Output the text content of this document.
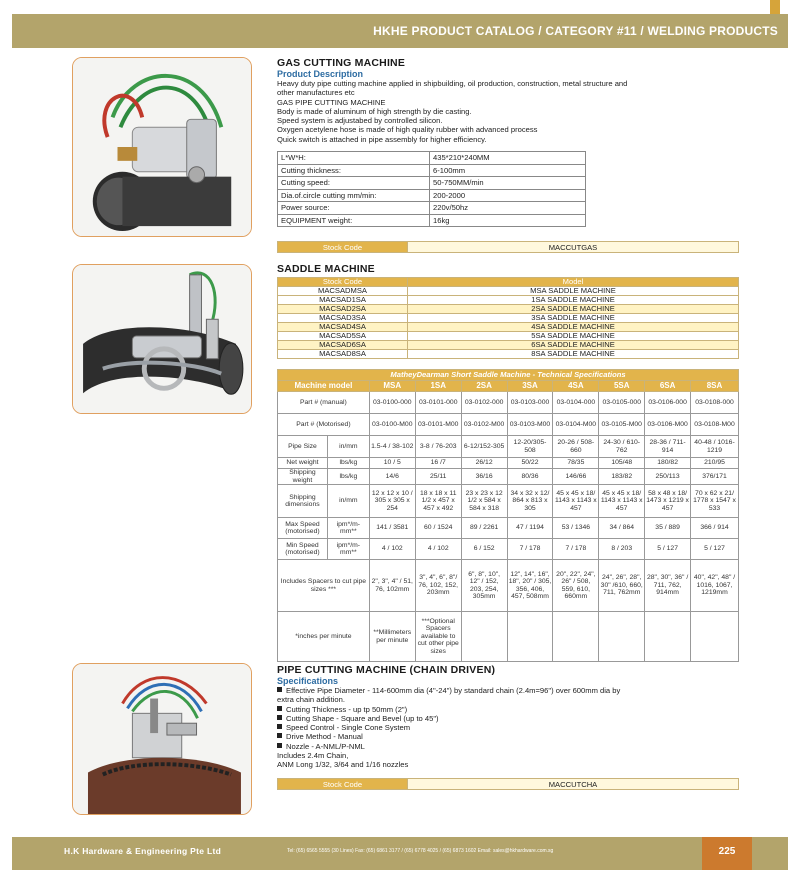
HKHE PRODUCT CATALOG / CATEGORY #11 / WELDING PRODUCTS
GAS CUTTING MACHINE
Product Description
Heavy duty pipe cutting machine applied in shipbuilding, oil production, construction, metal structure and
other manufactures etc
GAS PIPE CUTTING MACHINE
Body is made of aluminum of high strength by die casting.
Speed system is adjustabed by controlled silicon.
Oxygen acetylene hose is made of high quality rubber with advanced process
Quick switch is attached in pipe assembly for higher efficiency.
L*W*H:	435*210*240MM
Cutting thickness:	6-100mm
Cutting speed:	50-750MM/min
Dia.of.circle cutting mm/min:	200-2000
Power source:	220v/50hz
EQUIPMENT weight:	16kg
Stock Code	MACCUTGAS
SADDLE MACHINE
Stock Code	Model
MACSADMSA	MSA SADDLE MACHINE
MACSAD1SA	1SA SADDLE MACHINE
MACSAD2SA	2SA SADDLE MACHINE
MACSAD3SA	3SA SADDLE MACHINE
MACSAD4SA	4SA SADDLE MACHINE
MACSAD5SA	5SA SADDLE MACHINE
MACSAD6SA	6SA SADDLE MACHINE
MACSAD8SA	8SA SADDLE MACHINE
MatheyDearman Short Saddle Machine - Technical Specifications									
Machine model		MSA	1SA	2SA	3SA	4SA	5SA	6SA	8SA
Part # (manual)		03-0100-000	03-0101-000	03-0102-000	03-0103-000	03-0104-000	03-0105-000	03-0106-000	03-0108-000
Part # (Motorised)		03-0100-M00	03-0101-M00	03-0102-M00	03-0103-M00	03-0104-M00	03-0105-M00	03-0106-M00	03-0108-M00
Pipe Size	in/mm	1.5-4 / 38-102	3-8 / 76-203	6-12/152-305	12-20/305-508	20-26 / 508-660	24-30 / 610-762	28-36 / 711-914	40-48 / 1016-1219
Net weight	lbs/kg	10 / 5	16 /7	26/12	50/22	78/35	105/48	180/82	210/95
Shipping weight	lbs/kg	14/6	25/11	36/16	80/36	146/66	183/82	250/113	376/171
Shipping dimensions	in/mm	12 x 12 x 10 / 305 x 305 x 254	18 x 18 x 11 1/2 x 457 x 457 x 492	23 x 23 x 12 1/2 x 584 x 584 x 318	34 x 32 x 12/ 864 x 813 x 305	45 x 45 x 18/ 1143 x 1143 x 457	45 x 45 x 18/ 1143 x 1143 x 457	58 x 48 x 18/ 1473 x 1219 x 457	70 x 62 x 21/ 1778 x 1547 x 533
Max Speed (motorised)	ipm*/m-mm**	141 / 3581	60 / 1524	89 / 2261	47 / 1194	53 / 1346	34 / 864	35 / 889	366 / 914
Min Speed (motorised)	ipm*/m-mm**	4 / 102	4 / 102	6 / 152	7 / 178	7 / 178	8 / 203	5 / 127	5 / 127
Includes Spacers to cut pipe sizes ***		2", 3", 4" / 51, 76, 102mm	3", 4", 6", 8"/ 76, 102, 152, 203mm	6", 8", 10", 12" / 152, 203, 254, 305mm	12", 14", 16", 18", 20" / 305, 356, 406, 457, 508mm	20", 22", 24", 26" / 508, 559, 610, 660mm	24", 26", 28", 30" /610, 660, 711, 762mm	28", 30", 36" / 711, 762, 914mm	40", 42", 48" / 1016, 1067, 1219mm
*inches per minute		**Millimeters per minute	***Optional Spacers available to cut other pipe sizes						
PIPE CUTTING MACHINE (CHAIN DRIVEN)
Specifications
Effective Pipe Diameter - 114-600mm dia (4"-24") by standard chain (2.4m=96") over 600mm dia by
extra chain addition.
Cutting Thickness - up tp 50mm (2")
Cutting Shape - Square and Bevel (up to 45")
Speed Control - Single Cone System
Drive Method - Manual
Nozzle - A-NML/P-NML
Includes 2.4m Chain,
ANM Long 1/32, 3/64 and 1/16 nozzles
Stock Code	MACCUTCHA
H.K Hardware & Engineering Pte Ltd	Tel: (65) 6565 5555 (30 Lines) Fax: (65) 6861 3177 / (65) 6778 4025 / (65) 6873 1602 Email: sales@hkhardware.com.sg	225
